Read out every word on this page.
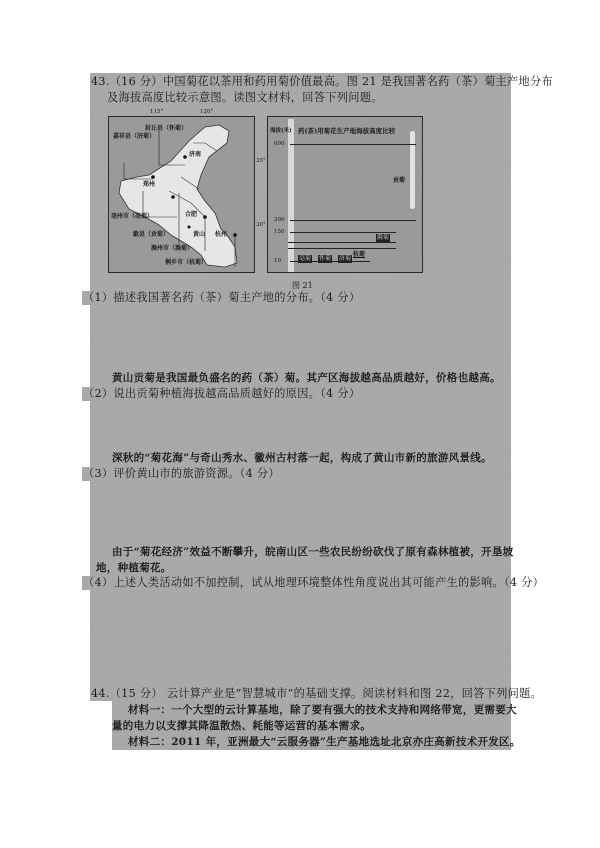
43.（16 分）中国菊花以茶用和药用菊价值最高。图 21 是我国著名药（茶）菊主产地分布
及海拔高度比较示意图。读图文材料，回答下列问题。
嘉祥县（济菊）
封丘县（怀菊）
亳州市（亳菊）
歙县（贡菊）
滁州市（滁菊）
桐乡市（杭菊）
济南
郑州
合肥
黄山 杭州
115°	120°
35°
30°
海拔(米) 药(茶)用菊花生产地海拔高度比较
600
200
150
10
贡菊
滁菊
杭菊
亳菊 怀菊 济菊
图 21
（1）描述我国著名药（茶）菊主产地的分布。（4 分）
黄山贡菊是我国最负盛名的药（茶）菊。其产区海拔越高品质越好，价格也越高。
（2）说出贡菊种植海拔越高品质越好的原因。（4 分）
深秋的“菊花海”与奇山秀水、徽州古村落一起，构成了黄山市新的旅游风景线。
（3）评价黄山市的旅游资源。（4 分）
由于“菊花经济”效益不断攀升，皖南山区一些农民纷纷砍伐了原有森林植被，开垦坡
地，种植菊花。
（4）上述人类活动如不加控制，试从地理环境整体性角度说出其可能产生的影响。（4 分）
44.（15 分） 云计算产业是“智慧城市”的基础支撑。阅读材料和图 22，回答下列问题。
材料一：一个大型的云计算基地，除了要有强大的技术支持和网络带宽，更需要大
量的电力以支撑其降温散热、耗能等运营的基本需求。
材料二：2011 年，亚洲最大“云服务器”生产基地选址北京亦庄高新技术开发区。
